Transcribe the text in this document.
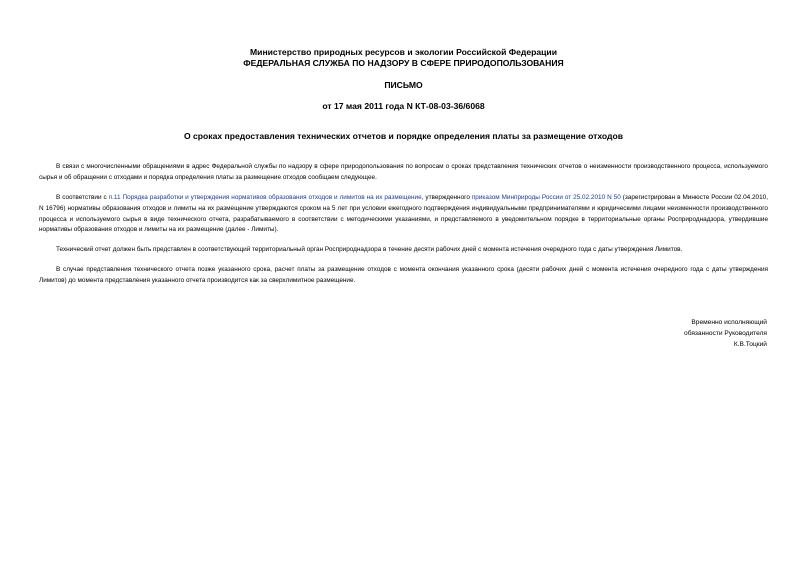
Министерство природных ресурсов и экологии Российской Федерации
ФЕДЕРАЛЬНАЯ СЛУЖБА ПО НАДЗОРУ В СФЕРЕ ПРИРОДОПОЛЬЗОВАНИЯ
ПИСЬМО
от 17 мая 2011 года N КТ-08-03-36/6068
О сроках предоставления технических отчетов и порядке определения платы за размещение отходов

В связи с многочисленными обращениями в адрес Федеральной службы по надзору в сфере природопользования по вопросам о сроках представления технических отчетов о неизменности производственного процесса, используемого сырья и об обращении с отходами и порядка определения платы за размещение отходов сообщаем следующее.

В соответствии с п.11 Порядка разработки и утверждения нормативов образования отходов и лимитов на их размещение, утвержденного приказом Минприроды России от 25.02.2010 N 50 (зарегистрирован в Минюсте России 02.04.2010, N 16796) нормативы образования отходов и лимиты на их размещение утверждаются сроком на 5 лет при условии ежегодного подтверждения индивидуальными предпринимателями и юридическими лицами неизменности производственного процесса и используемого сырья в виде технического отчета, разрабатываемого в соответствии с методическими указаниями, и представляемого в уведомительном порядке в территориальные органы Росприроднадзора, утвердившие нормативы образования отходов и лимиты на их размещение (далее - Лимиты).

Технический отчет должен быть представлен в соответствующий территориальный орган Росприроднадзора в течение десяти рабочих дней с момента истечения очередного года с даты утверждения Лимитов.

В случае представления технического отчета позже указанного срока, расчет платы за размещение отходов с момента окончания указанного срока (десяти рабочих дней с момента истечения очередного года с даты утверждения Лимитов) до момента представления указанного отчета производится как за сверхлимитное размещение.

Временно исполняющий
обязанности Руководителя
К.В.Тоцкий
